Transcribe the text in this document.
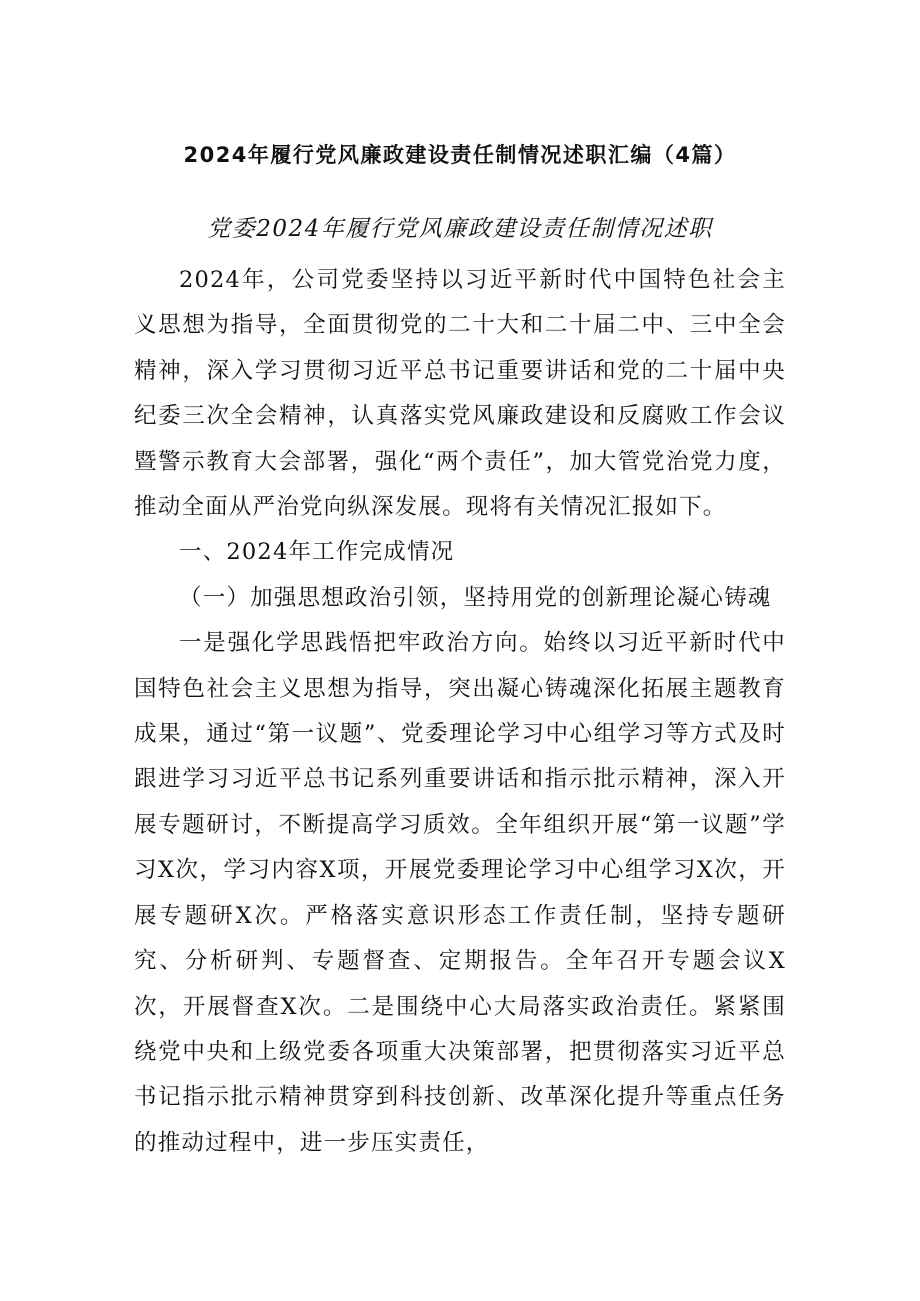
2024年履行党风廉政建设责任制情况述职汇编（4篇）
党委2024年履行党风廉政建设责任制情况述职

2024年，公司党委坚持以习近平新时代中国特色社会主义思想为指导，全面贯彻党的二十大和二十届二中、三中全会精神，深入学习贯彻习近平总书记重要讲话和党的二十届中央纪委三次全会精神，认真落实党风廉政建设和反腐败工作会议暨警示教育大会部署，强化“两个责任”，加大管党治党力度，推动全面从严治党向纵深发展。现将有关情况汇报如下。

一、2024年工作完成情况

（一）加强思想政治引领，坚持用党的创新理论凝心铸魂

一是强化学思践悟把牢政治方向。始终以习近平新时代中国特色社会主义思想为指导，突出凝心铸魂深化拓展主题教育成果，通过“第一议题”、党委理论学习中心组学习等方式及时跟进学习习近平总书记系列重要讲话和指示批示精神，深入开展专题研讨，不断提高学习质效。全年组织开展“第一议题”学习X次，学习内容X项，开展党委理论学习中心组学习X次，开展专题研X次。严格落实意识形态工作责任制，坚持专题研究、分析研判、专题督查、定期报告。全年召开专题会议X次，开展督查X次。二是围绕中心大局落实政治责任。紧紧围绕党中央和上级党委各项重大决策部署，把贯彻落实习近平总书记指示批示精神贯穿到科技创新、改革深化提升等重点任务的推动过程中，进一步压实责任，
